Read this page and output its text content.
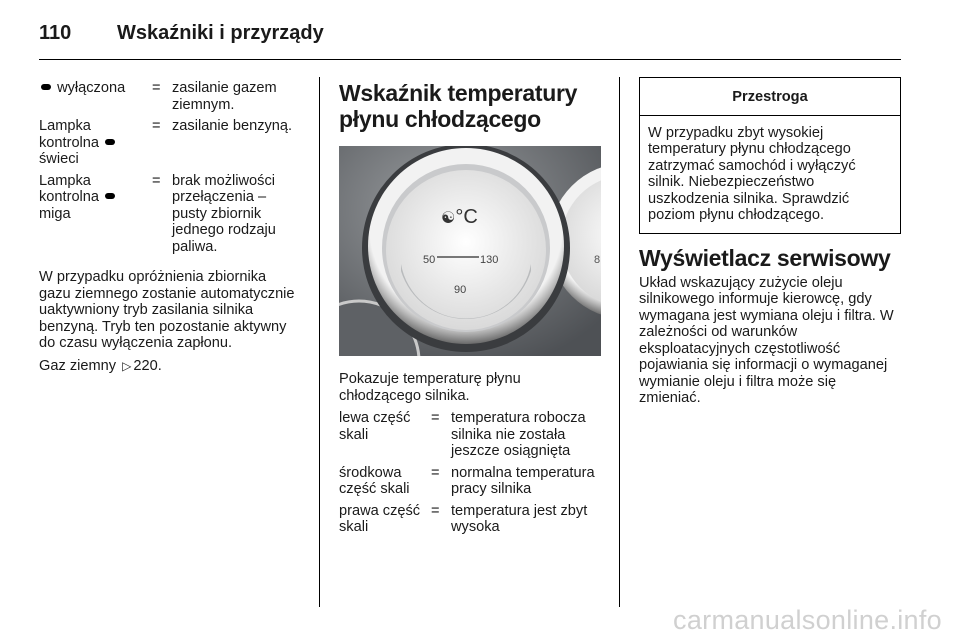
110	Wskaźniki i przyrządy
wyłączona	= zasilanie gazem ziemnym.
Lampka kontrolna
świeci
= zasilanie benzyną.
Lampka kontrolna
miga
= brak możliwości przełączenia – pusty zbiornik jednego rodzaju paliwa.

W przypadku opróżnienia zbiornika gazu ziemnego zostanie automatycznie uaktywniony tryb zasilania silnika benzyną. Tryb ten pozostanie aktywny do czasu wyłączenia zapłonu.

Gaz ziemny ▷ 220.

Wskaźnik temperatury płynu chłodzącego
☯°C
50	130
90
8

Pokazuje temperaturę płynu chłodzącego silnika.

lewa część skali
= temperatura robocza silnika nie została jeszcze osiągnięta
środkowa część skali
= normalna temperatura pracy silnika
prawa część skali
= temperatura jest zbyt wysoka
Przestroga
W przypadku zbyt wysokiej temperatury płynu chłodzącego zatrzymać samochód i wyłączyć silnik. Niebezpieczeństwo uszkodzenia silnika. Sprawdzić poziom płynu chłodzącego.
Wyświetlacz serwisowy

Układ wskazujący zużycie oleju silnikowego informuje kierowcę, gdy wymagana jest wymiana oleju i filtra. W zależności od warunków eksploatacyjnych częstotliwość pojawiania się informacji o wymaganej wymianie oleju i filtra może się zmieniać.

carmanualsonline.info
